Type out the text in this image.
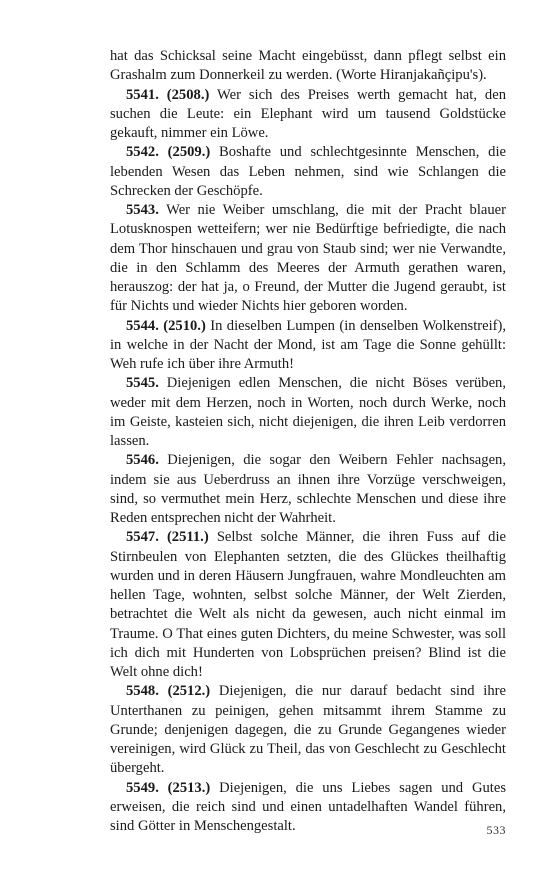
hat das Schicksal seine Macht eingebüsst, dann pflegt selbst ein Grashalm zum Donnerkeil zu werden. (Worte Hiranjakañçipu's).

5541. (2508.) Wer sich des Preises werth gemacht hat, den suchen die Leute: ein Elephant wird um tausend Goldstücke gekauft, nimmer ein Löwe.

5542. (2509.) Boshafte und schlechtgesinnte Menschen, die lebenden Wesen das Leben nehmen, sind wie Schlangen die Schrecken der Geschöpfe.

5543. Wer nie Weiber umschlang, die mit der Pracht blauer Lotusknospen wetteifern; wer nie Bedürftige befriedigte, die nach dem Thor hinschauen und grau von Staub sind; wer nie Verwandte, die in den Schlamm des Meeres der Armuth gerathen waren, herauszog: der hat ja, o Freund, der Mutter die Jugend geraubt, ist für Nichts und wieder Nichts hier geboren worden.

5544. (2510.) In dieselben Lumpen (in denselben Wolkenstreif), in welche in der Nacht der Mond, ist am Tage die Sonne gehüllt: Weh rufe ich über ihre Armuth!

5545. Diejenigen edlen Menschen, die nicht Böses verüben, weder mit dem Herzen, noch in Worten, noch durch Werke, noch im Geiste, kasteien sich, nicht diejenigen, die ihren Leib verdorren lassen.

5546. Diejenigen, die sogar den Weibern Fehler nachsagen, indem sie aus Ueberdruss an ihnen ihre Vorzüge verschweigen, sind, so vermuthet mein Herz, schlechte Menschen und diese ihre Reden entsprechen nicht der Wahrheit.

5547. (2511.) Selbst solche Männer, die ihren Fuss auf die Stirnbeulen von Elephanten setzten, die des Glückes theilhaftig wurden und in deren Häusern Jungfrauen, wahre Mondleuchten am hellen Tage, wohnten, selbst solche Männer, der Welt Zierden, betrachtet die Welt als nicht da gewesen, auch nicht einmal im Traume. O That eines guten Dichters, du meine Schwester, was soll ich dich mit Hunderten von Lobsprüchen preisen? Blind ist die Welt ohne dich!

5548. (2512.) Diejenigen, die nur darauf bedacht sind ihre Unterthanen zu peinigen, gehen mitsammt ihrem Stamme zu Grunde; denjenigen dagegen, die zu Grunde Gegangenes wieder vereinigen, wird Glück zu Theil, das von Geschlecht zu Geschlecht übergeht.

5549. (2513.) Diejenigen, die uns Liebes sagen und Gutes erweisen, die reich sind und einen untadelhaften Wandel führen, sind Götter in Menschengestalt.	533
